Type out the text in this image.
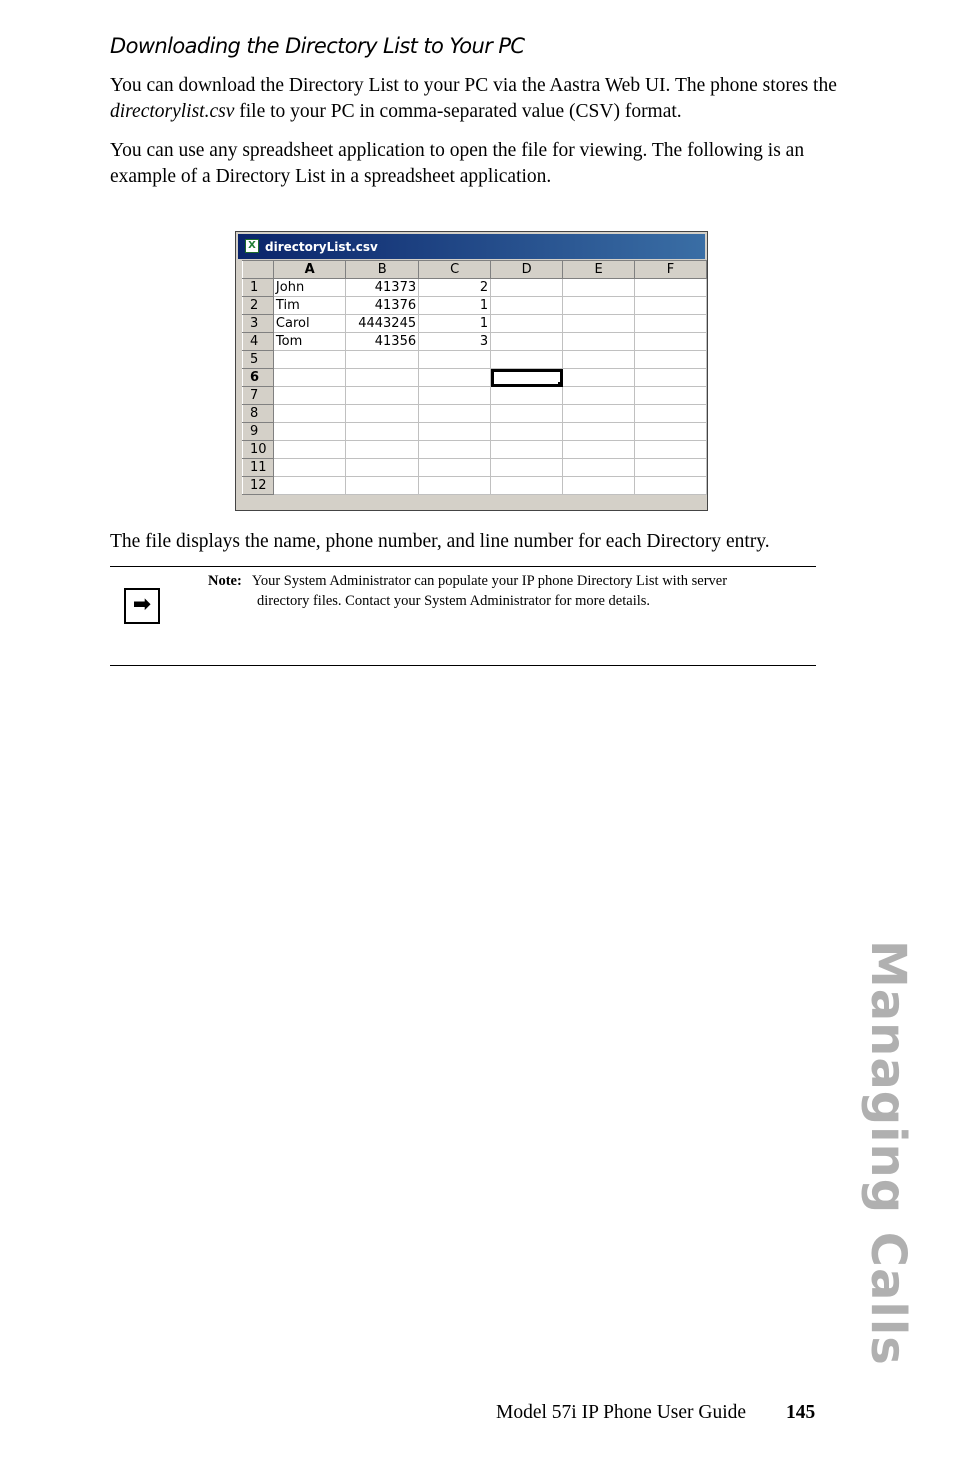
Downloading the Directory List to Your PC

You can download the Directory List to your PC via the Aastra Web UI. The phone stores the directorylist.csv file to your PC in comma-separated value (CSV) format.

You can use any spreadsheet application to open the file for viewing. The following is an example of a Directory List in a spreadsheet application.

X directoryList.csv
	A	B	C	D	E	F
1	John	41373	2			
2	Tim	41376	1			
3	Carol	4443245	1			
4	Tom	41356	3			
5						
6						
7						
8						
9						
10						
11						
12						

The file displays the name, phone number, and line number for each Directory entry.

➡

Note: Your System Administrator can populate your IP phone Directory List with server
directory files. Contact your System Administrator for more details.

Managing Calls
Model 57i IP Phone User Guide 145
